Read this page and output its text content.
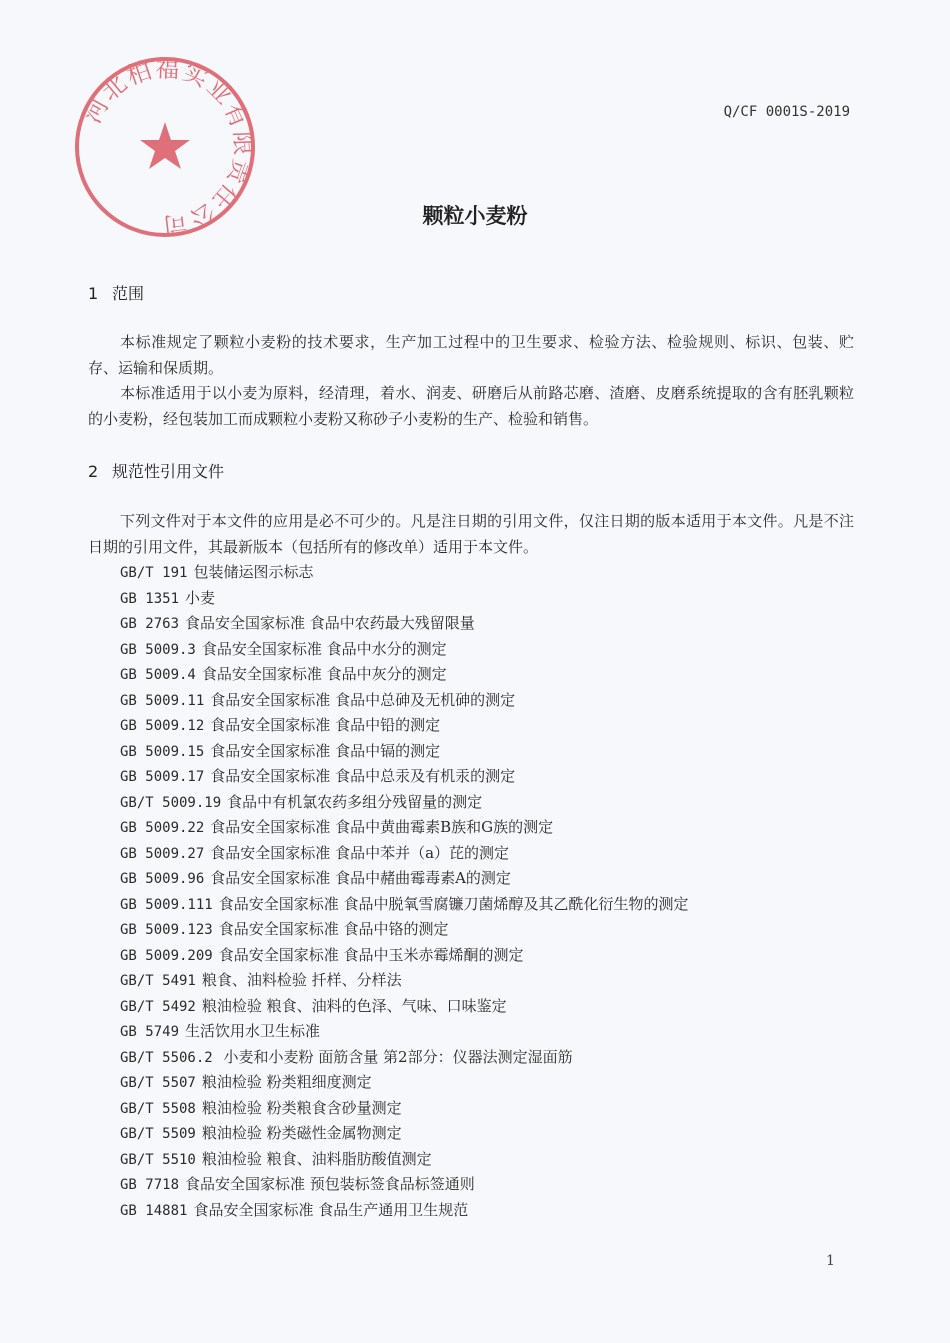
河北柏福实业有限责任公司
Q/CF 0001S-2019
颗粒小麦粉
1 范围
本标准规定了颗粒小麦粉的技术要求，生产加工过程中的卫生要求、检验方法、检验规则、标识、包装、贮存、运输和保质期。
本标准适用于以小麦为原料，经清理，着水、润麦、研磨后从前路芯磨、渣磨、皮磨系统提取的含有胚乳颗粒的小麦粉，经包装加工而成颗粒小麦粉又称砂子小麦粉的生产、检验和销售。
2 规范性引用文件
下列文件对于本文件的应用是必不可少的。凡是注日期的引用文件，仅注日期的版本适用于本文件。凡是不注日期的引用文件，其最新版本（包括所有的修改单）适用于本文件。
GB/T 191 包装储运图示标志
GB 1351 小麦
GB 2763 食品安全国家标准 食品中农药最大残留限量
GB 5009.3 食品安全国家标准 食品中水分的测定
GB 5009.4 食品安全国家标准 食品中灰分的测定
GB 5009.11 食品安全国家标准 食品中总砷及无机砷的测定
GB 5009.12 食品安全国家标准 食品中铅的测定
GB 5009.15 食品安全国家标准 食品中镉的测定
GB 5009.17 食品安全国家标准 食品中总汞及有机汞的测定
GB/T 5009.19 食品中有机氯农药多组分残留量的测定
GB 5009.22 食品安全国家标准 食品中黄曲霉素B族和G族的测定
GB 5009.27 食品安全国家标准 食品中苯并（a）芘的测定
GB 5009.96 食品安全国家标准 食品中赭曲霉毒素A的测定
GB 5009.111 食品安全国家标准 食品中脱氧雪腐镰刀菌烯醇及其乙酰化衍生物的测定
GB 5009.123 食品安全国家标准 食品中铬的测定
GB 5009.209 食品安全国家标准 食品中玉米赤霉烯酮的测定
GB/T 5491 粮食、油料检验 扦样、分样法
GB/T 5492 粮油检验 粮食、油料的色泽、气味、口味鉴定
GB 5749 生活饮用水卫生标准
GB/T 5506.2 小麦和小麦粉 面筋含量 第2部分：仪器法测定湿面筋
GB/T 5507 粮油检验 粉类粗细度测定
GB/T 5508 粮油检验 粉类粮食含砂量测定
GB/T 5509 粮油检验 粉类磁性金属物测定
GB/T 5510 粮油检验 粮食、油料脂肪酸值测定
GB 7718 食品安全国家标准 预包装标签食品标签通则
GB 14881 食品安全国家标准 食品生产通用卫生规范
1
